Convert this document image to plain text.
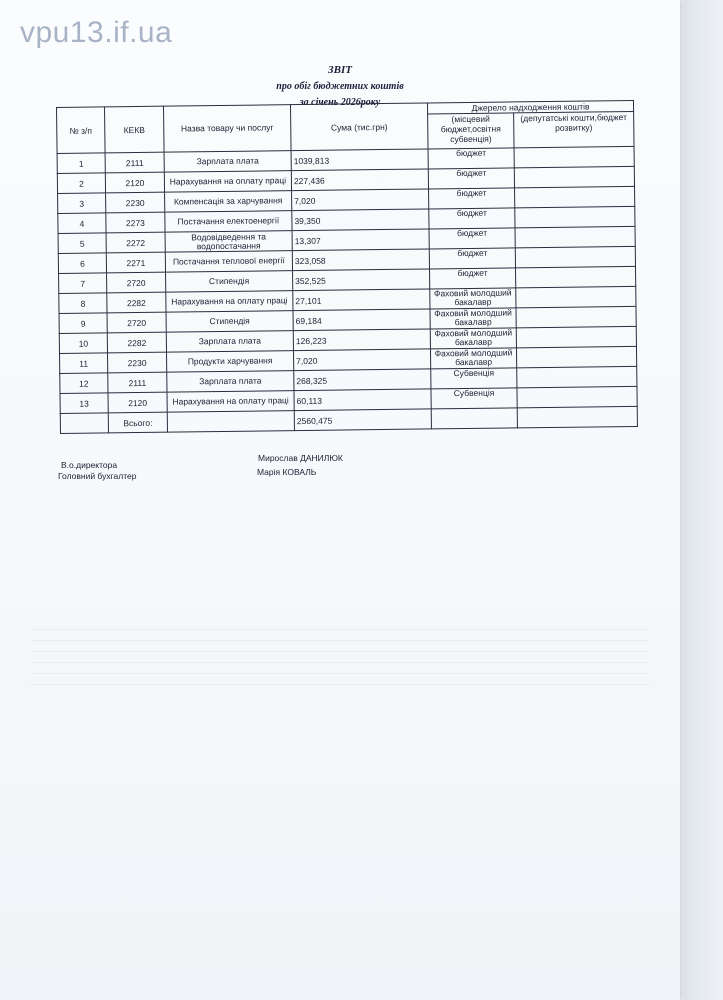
vpu13.if.ua
ЗВІТ
про обіг бюджетних коштів
за січень 2026року
№ з/п	КЕКВ	Назва товару чи послуг	Сума (тис.грн)	Джерело надходження коштів	
				(місцевий бюджет,освітня субвенція)	(депутатські кошти,бюджет розвитку)
1	2111	Зарплата плата	1039,813	бюджет	
2	2120	Нарахування на оплату праці	227,436	бюджет	
3	2230	Компенсація за харчування	7,020	бюджет	
4	2273	Постачання електоенергії	39,350	бюджет	
5	2272	Водовідведення та водопостачання	13,307	бюджет	
6	2271	Постачання теплової енергії	323,058	бюджет	
7	2720	Стипендія	352,525	бюджет	
8	2282	Нарахування на оплату праці	27,101	Фаховий молодший бакалавр	
9	2720	Стипендія	69,184	Фаховий молодший бакалавр	
10	2282	Зарплата плата	126,223	Фаховий молодший бакалавр	
11	2230	Продукти харчування	7,020	Фаховий молодший бакалавр	
12	2111	Зарплата плата	268,325	Субвенція	
13	2120	Нарахування на оплату праці	60,113	Субвенція	
	Всього:		2560,475		
В.о.директора
Головний бухгалтер
Мирослав ДАНИЛЮК
Марія КОВАЛЬ
